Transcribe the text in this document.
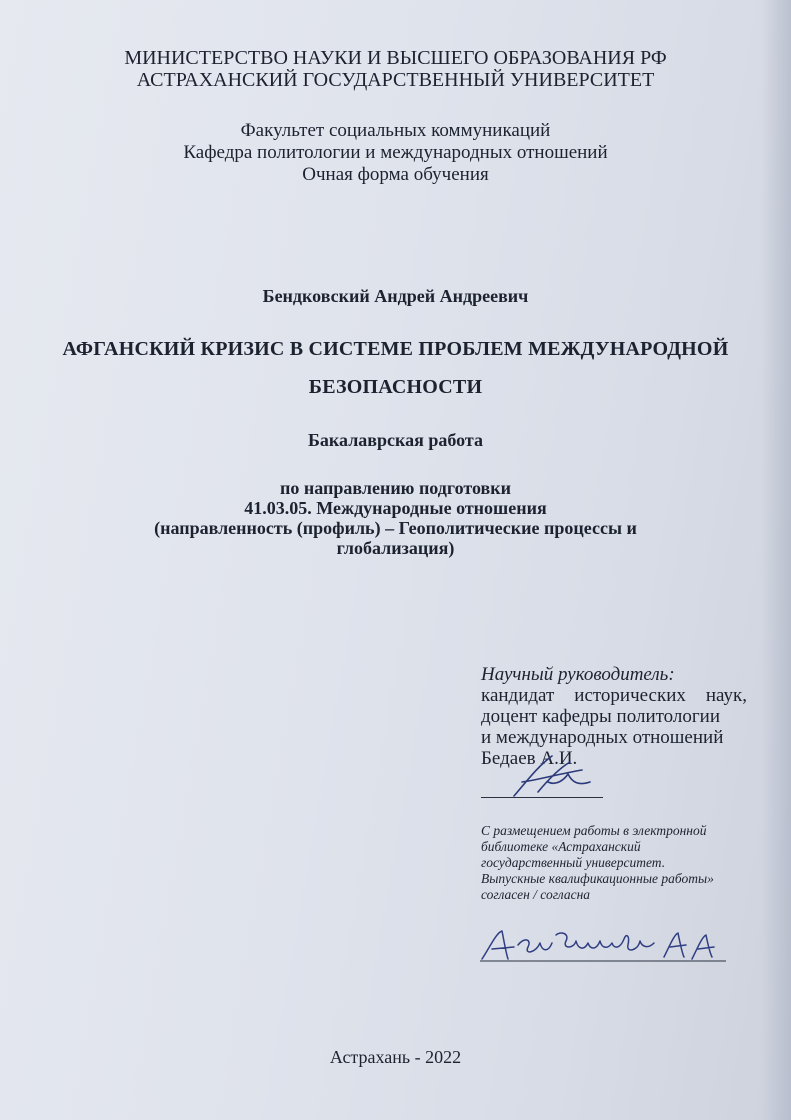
МИНИСТЕРСТВО НАУКИ И ВЫСШЕГО ОБРАЗОВАНИЯ РФ
АСТРАХАНСКИЙ ГОСУДАРСТВЕННЫЙ УНИВЕРСИТЕТ
Факультет социальных коммуникаций
Кафедра политологии и международных отношений
Очная форма обучения
Бендковский Андрей Андреевич
АФГАНСКИЙ КРИЗИС В СИСТЕМЕ ПРОБЛЕМ МЕЖДУНАРОДНОЙ
БЕЗОПАСНОСТИ
Бакалаврская работа
по направлению подготовки
41.03.05. Международные отношения
(направленность (профиль) – Геополитические процессы и
глобализация)
Научный руководитель:
кандидат исторических наук,
доцент кафедры политологии
и международных отношений
Бедаев А.И.
С размещением работы в электронной
библиотеке «Астраханский
государственный университет.
Выпускные квалификационные работы»
согласен / согласна
Астрахань - 2022
